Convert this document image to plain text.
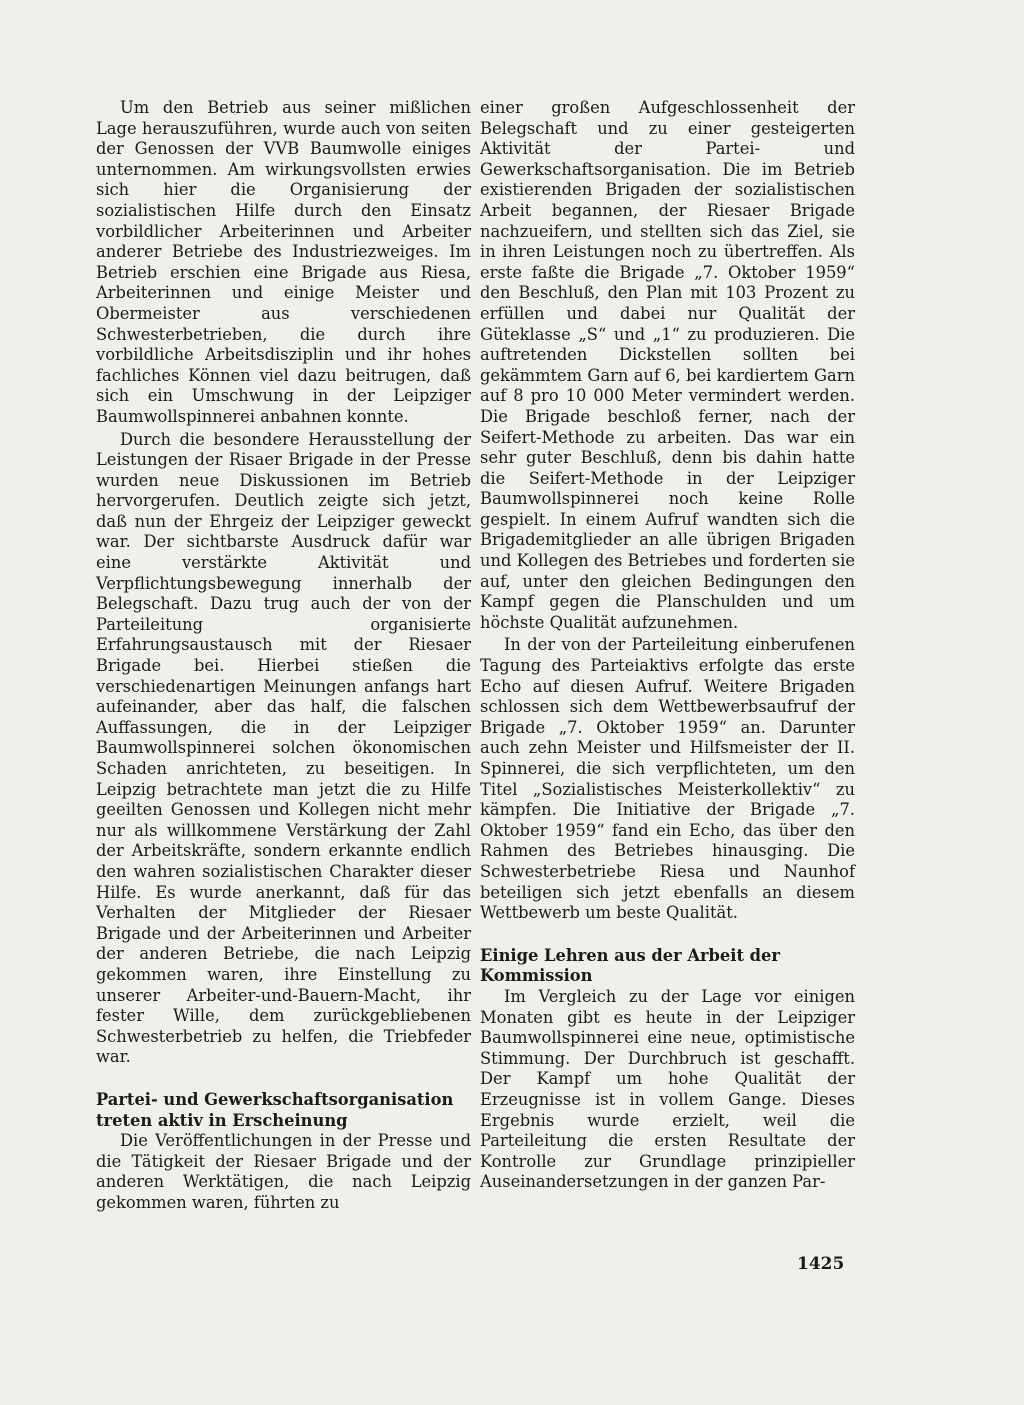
Um den Betrieb aus seiner mißlichen Lage herauszuführen, wurde auch von seiten der Genossen der VVB Baumwolle einiges unternommen. Am wirkungsvollsten erwies sich hier die Organisierung der sozialistischen Hilfe durch den Einsatz vorbildlicher Arbeiterinnen und Arbeiter anderer Betriebe des Industriezweiges. Im Betrieb erschien eine Brigade aus Riesa, Arbeiterinnen und einige Meister und Obermeister aus verschiedenen Schwesterbetrieben, die durch ihre vorbildliche Arbeitsdisziplin und ihr hohes fachliches Können viel dazu beitrugen, daß sich ein Umschwung in der Leipziger Baumwollspinnerei anbahnen konnte.

Durch die besondere Herausstellung der Leistungen der Risaer Brigade in der Presse wurden neue Diskussionen im Betrieb hervorgerufen. Deutlich zeigte sich jetzt, daß nun der Ehrgeiz der Leipziger geweckt war. Der sichtbarste Ausdruck dafür war eine verstärkte Aktivität und Verpflichtungsbewegung innerhalb der Belegschaft. Dazu trug auch der von der Parteileitung organisierte Erfahrungsaustausch mit der Riesaer Brigade bei. Hierbei stießen die verschiedenartigen Meinungen anfangs hart aufeinander, aber das half, die falschen Auffassungen, die in der Leipziger Baumwollspinnerei solchen ökonomischen Schaden anrichteten, zu beseitigen. In Leipzig betrachtete man jetzt die zu Hilfe geeilten Genossen und Kollegen nicht mehr nur als willkommene Verstärkung der Zahl der Arbeitskräfte, sondern erkannte endlich den wahren sozialistischen Charakter dieser Hilfe. Es wurde anerkannt, daß für das Verhalten der Mitglieder der Riesaer Brigade und der Arbeiterinnen und Arbeiter der anderen Betriebe, die nach Leipzig gekommen waren, ihre Einstellung zu unserer Arbeiter-und-Bauern-Macht, ihr fester Wille, dem zurückgebliebenen Schwesterbetrieb zu helfen, die Triebfeder war.

Partei- und Gewerkschaftsorganisation treten aktiv in Erscheinung

Die Veröffentlichungen in der Presse und die Tätigkeit der Riesaer Brigade und der anderen Werktätigen, die nach Leipzig gekommen waren, führten zu

einer großen Aufgeschlossenheit der Belegschaft und zu einer gesteigerten Aktivität der Partei- und Gewerkschaftsorganisation. Die im Betrieb existierenden Brigaden der sozialistischen Arbeit begannen, der Riesaer Brigade nachzueifern, und stellten sich das Ziel, sie in ihren Leistungen noch zu übertreffen. Als erste faßte die Brigade „7. Oktober 1959“ den Beschluß, den Plan mit 103 Prozent zu erfüllen und dabei nur Qualität der Güteklasse „S“ und „1“ zu produzieren. Die auftretenden Dickstellen sollten bei gekämmtem Garn auf 6, bei kardiertem Garn auf 8 pro 10 000 Meter vermindert werden. Die Brigade beschloß ferner, nach der Seifert-Methode zu arbeiten. Das war ein sehr guter Beschluß, denn bis dahin hatte die Seifert-Methode in der Leipziger Baumwollspinnerei noch keine Rolle gespielt. In einem Aufruf wandten sich die Brigademitglieder an alle übrigen Brigaden und Kollegen des Betriebes und forderten sie auf, unter den gleichen Bedingungen den Kampf gegen die Planschulden und um höchste Qualität aufzunehmen.

In der von der Parteileitung einberufenen Tagung des Parteiaktivs erfolgte das erste Echo auf diesen Aufruf. Weitere Brigaden schlossen sich dem Wettbewerbsaufruf der Brigade „7. Oktober 1959“ an. Darunter auch zehn Meister und Hilfsmeister der II. Spinnerei, die sich verpflichteten, um den Titel „Sozialistisches Meisterkollektiv“ zu kämpfen. Die Initiative der Brigade „7. Oktober 1959“ fand ein Echo, das über den Rahmen des Betriebes hinausging. Die Schwesterbetriebe Riesa und Naunhof beteiligen sich jetzt ebenfalls an diesem Wettbewerb um beste Qualität.

Einige Lehren aus der Arbeit der Kommission

Im Vergleich zu der Lage vor einigen Monaten gibt es heute in der Leipziger Baumwollspinnerei eine neue, optimistische Stimmung. Der Durchbruch ist geschafft. Der Kampf um hohe Qualität der Erzeugnisse ist in vollem Gange. Dieses Ergebnis wurde erzielt, weil die Parteileitung die ersten Resultate der Kontrolle zur Grundlage prinzipieller Auseinandersetzungen in der ganzen Par-

1425
